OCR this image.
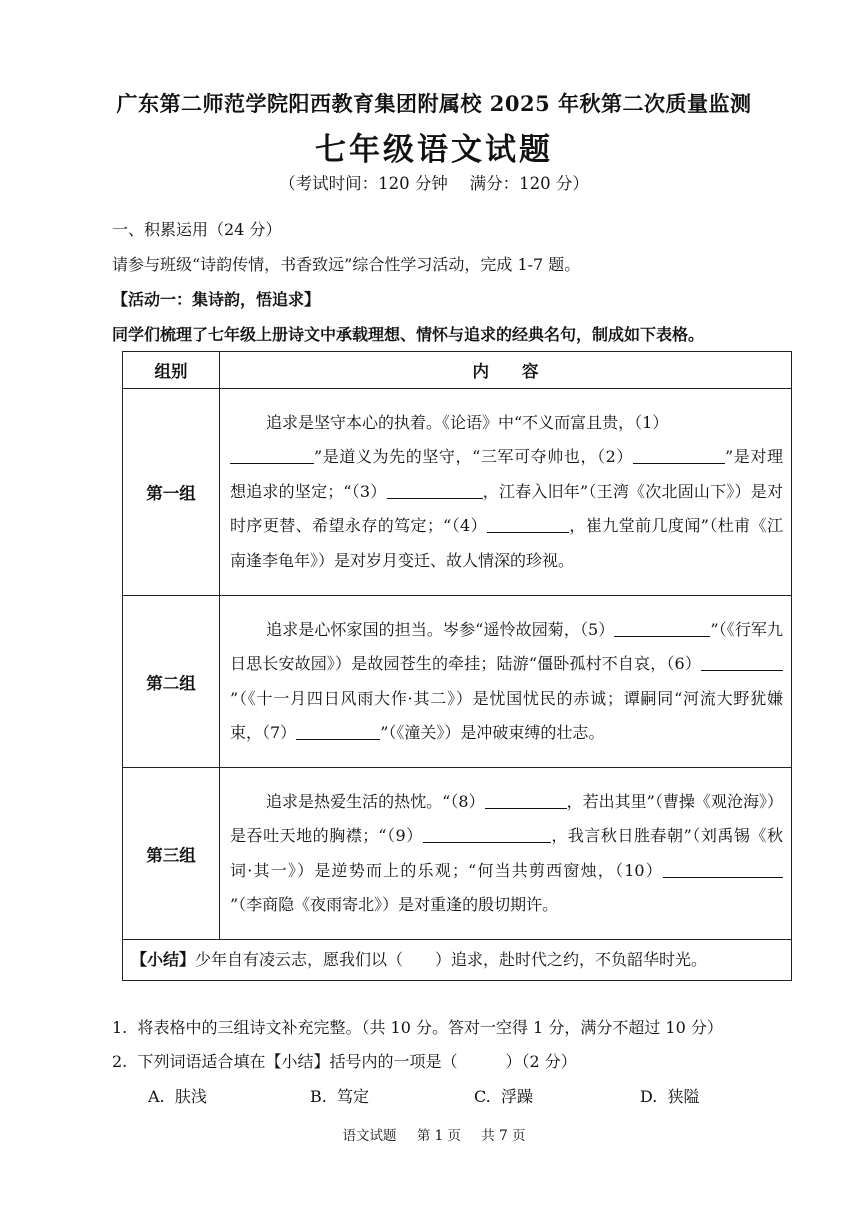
广东第二师范学院阳西教育集团附属校 2025 年秋第二次质量监测
七年级语文试题
（考试时间：120 分钟　 满分：120 分）
一、积累运用（24 分）
请参与班级“诗韵传情，书香致远”综合性学习活动，完成 1-7 题。
【活动一：集诗韵，悟追求】
同学们梳理了七年级上册诗文中承载理想、情怀与追求的经典名句，制成如下表格。
组别	内　　容
第一组	追求是坚守本心的执着。《论语》中“不义而富且贵，（1）
”是道义为先的坚守，“三军可夺帅也，（2） ”是对理想追求的坚定；“（3） ，江春入旧年”（王湾《次北固山下》）是对时序更替、希望永存的笃定；“（4） ，崔九堂前几度闻”（杜甫《江南逢李龟年》）是对岁月变迁、故人情深的珍视。
第二组	追求是心怀家国的担当。岑参“遥怜故园菊，（5） ”（《行军九日思长安故园》）是故园苍生的牵挂；陆游“僵卧孤村不自哀，（6）”（《十一月四日风雨大作·其二》）是忧国忧民的赤诚；谭嗣同“河流大野犹嫌束，（7） ”（《潼关》）是冲破束缚的壮志。
第三组	追求是热爱生活的热忱。“（8） ，若出其里”（曹操《观沧海》）是吞吐天地的胸襟；“（9） ，我言秋日胜春朝”（刘禹锡《秋词·其一》）是逆势而上的乐观；“何当共剪西窗烛，（10）”（李商隐《夜雨寄北》）是对重逢的殷切期许。
【小结】少年自有凌云志，愿我们以（　　）追求，赴时代之约，不负韶华时光。	
1. 将表格中的三组诗文补充完整。（共 10 分。答对一空得 1 分，满分不超过 10 分）
2. 下列词语适合填在【小结】括号内的一项是（　　　）（2 分）
A. 肤浅	B. 笃定	C. 浮躁	D. 狭隘
语文试题 第 1 页 共 7 页
